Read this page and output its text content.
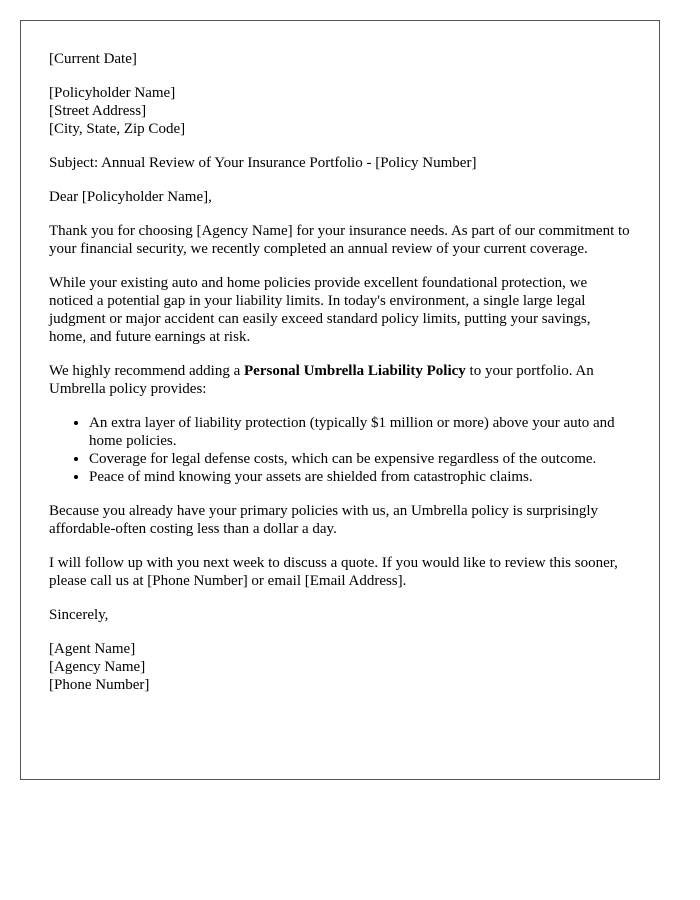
[Current Date]

[Policyholder Name]
[Street Address]
[City, State, Zip Code]

Subject: Annual Review of Your Insurance Portfolio - [Policy Number]

Dear [Policyholder Name],

Thank you for choosing [Agency Name] for your insurance needs. As part of our commitment to your financial security, we recently completed an annual review of your current coverage.

While your existing auto and home policies provide excellent foundational protection, we noticed a potential gap in your liability limits. In today's environment, a single large legal judgment or major accident can easily exceed standard policy limits, putting your savings, home, and future earnings at risk.

We highly recommend adding a Personal Umbrella Liability Policy to your portfolio. An Umbrella policy provides:

• An extra layer of liability protection (typically $1 million or more) above your auto and home policies.
• Coverage for legal defense costs, which can be expensive regardless of the outcome.
• Peace of mind knowing your assets are shielded from catastrophic claims.

Because you already have your primary policies with us, an Umbrella policy is surprisingly affordable-often costing less than a dollar a day.

I will follow up with you next week to discuss a quote. If you would like to review this sooner, please call us at [Phone Number] or email [Email Address].

Sincerely,

[Agent Name]
[Agency Name]
[Phone Number]
